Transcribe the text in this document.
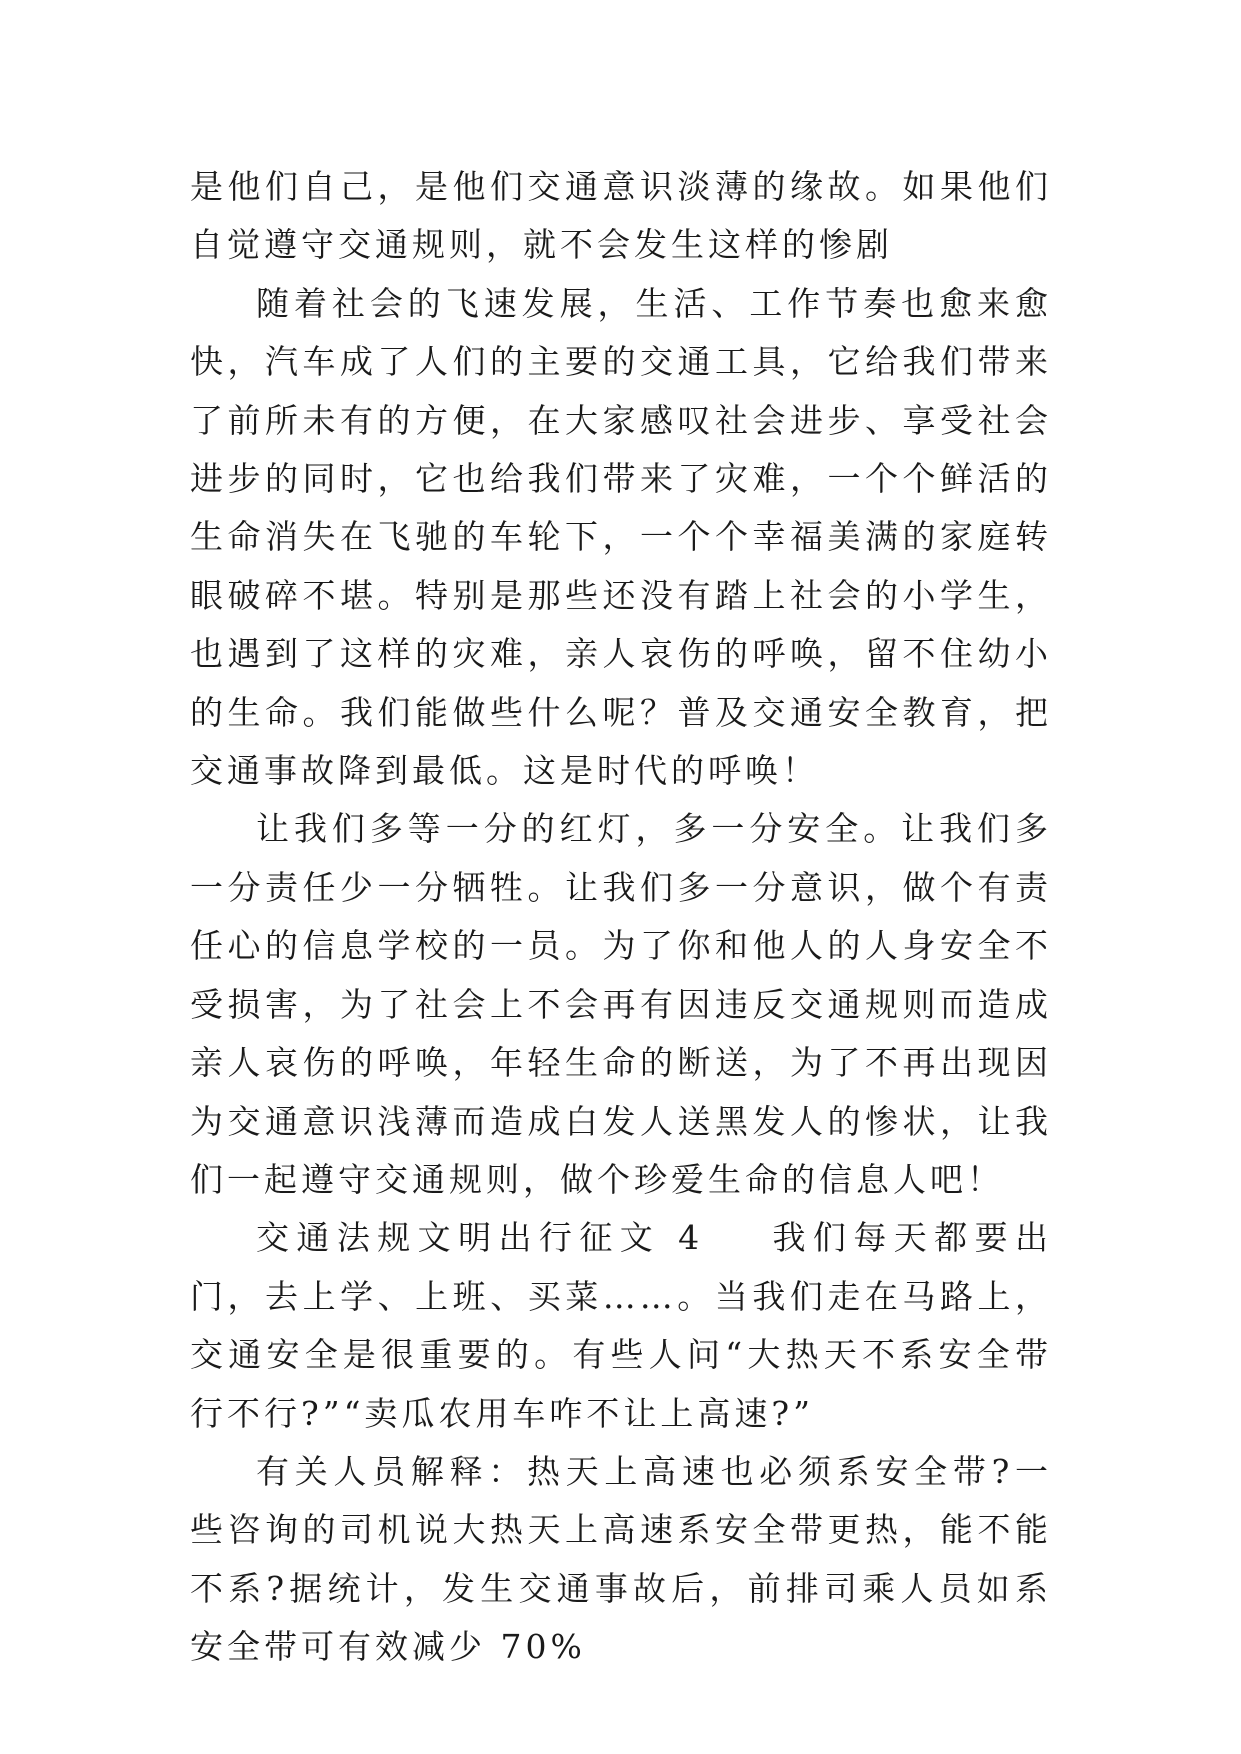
是他们自己，是他们交通意识淡薄的缘故。如果他们自觉遵守交通规则，就不会发生这样的惨剧

随着社会的飞速发展，生活、工作节奏也愈来愈快，汽车成了人们的主要的交通工具，它给我们带来了前所未有的方便，在大家感叹社会进步、享受社会进步的同时，它也给我们带来了灾难，一个个鲜活的生命消失在飞驰的车轮下，一个个幸福美满的家庭转眼破碎不堪。特别是那些还没有踏上社会的小学生，也遇到了这样的灾难，亲人哀伤的呼唤，留不住幼小的生命。我们能做些什么呢？普及交通安全教育，把交通事故降到最低。这是时代的呼唤！

让我们多等一分的红灯，多一分安全。让我们多一分责任少一分牺牲。让我们多一分意识，做个有责任心的信息学校的一员。为了你和他人的人身安全不受损害，为了社会上不会再有因违反交通规则而造成亲人哀伤的呼唤，年轻生命的断送，为了不再出现因为交通意识浅薄而造成白发人送黑发人的惨状，让我们一起遵守交通规则，做个珍爱生命的信息人吧！

交通法规文明出行征文 4 我们每天都要出门，去上学、上班、买菜……。当我们走在马路上，交通安全是很重要的。有些人问“大热天不系安全带行不行?”“卖瓜农用车咋不让上高速?”

有关人员解释：热天上高速也必须系安全带?一些咨询的司机说大热天上高速系安全带更热，能不能不系?据统计，发生交通事故后，前排司乘人员如系安全带可有效减少 70%
